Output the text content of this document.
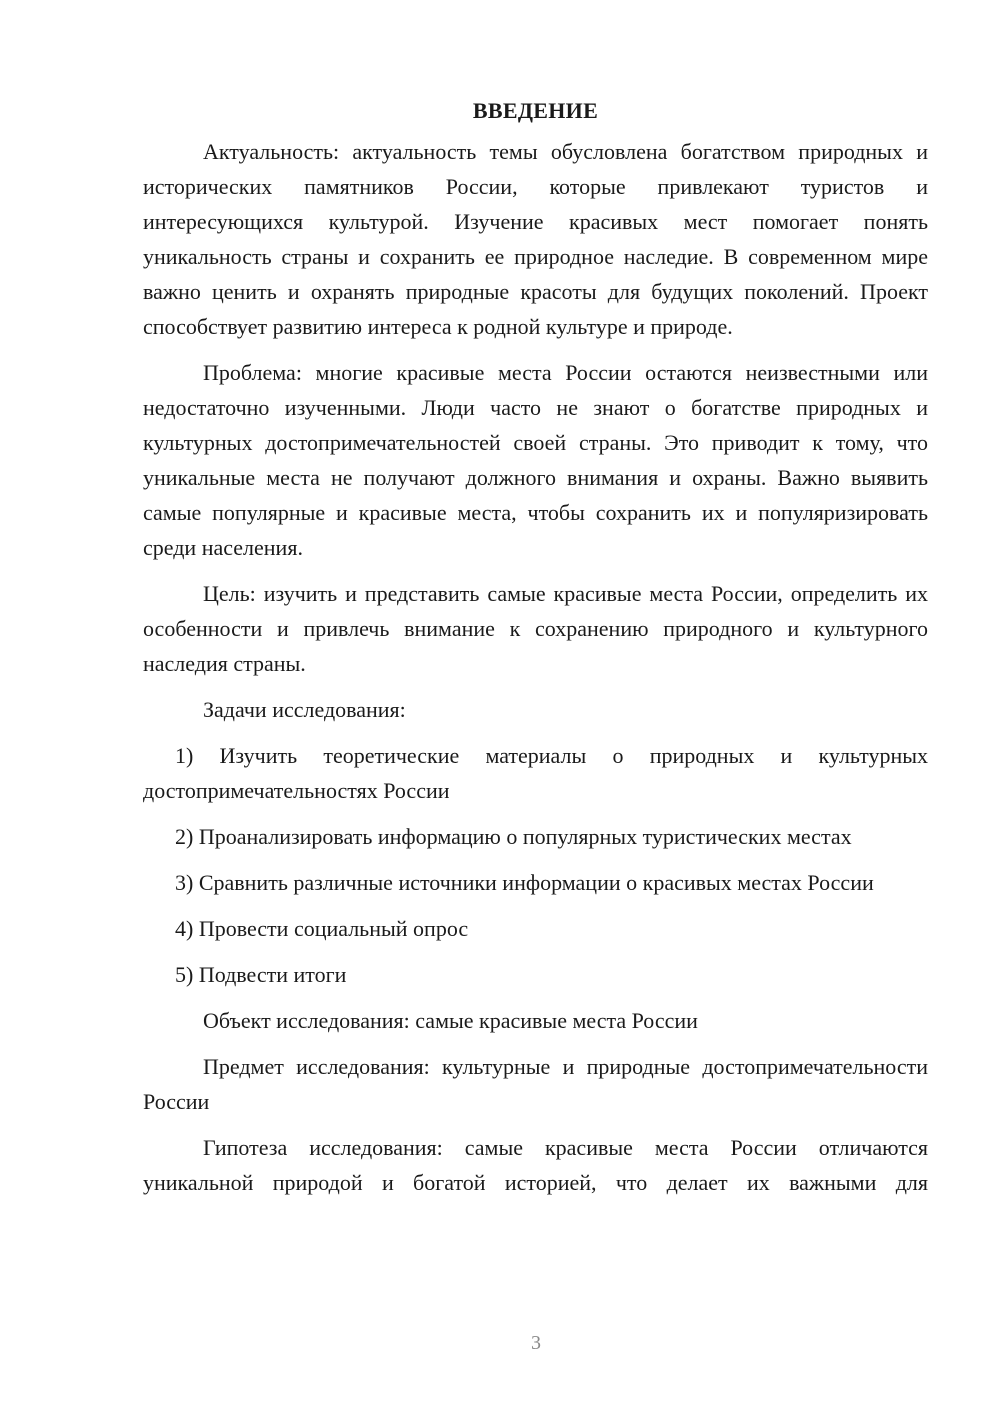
ВВЕДЕНИЕ

Актуальность: актуальность темы обусловлена богатством природных и исторических памятников России, которые привлекают туристов и интересующихся культурой. Изучение красивых мест помогает понять уникальность страны и сохранить ее природное наследие. В современном мире важно ценить и охранять природные красоты для будущих поколений. Проект способствует развитию интереса к родной культуре и природе.

Проблема: многие красивые места России остаются неизвестными или недостаточно изученными. Люди часто не знают о богатстве природных и культурных достопримечательностей своей страны. Это приводит к тому, что уникальные места не получают должного внимания и охраны. Важно выявить самые популярные и красивые места, чтобы сохранить их и популяризировать среди населения.

Цель: изучить и представить самые красивые места России, определить их особенности и привлечь внимание к сохранению природного и культурного наследия страны.

Задачи исследования:

1) Изучить теоретические материалы о природных и культурных достопримечательностях России

2) Проанализировать информацию о популярных туристических местах

3) Сравнить различные источники информации о красивых местах России

4) Провести социальный опрос

5) Подвести итоги

Объект исследования: самые красивые места России

Предмет исследования: культурные и природные достопримечательности России

Гипотеза исследования: самые красивые места России отличаются уникальной природой и богатой историей, что делает их важными для

3
